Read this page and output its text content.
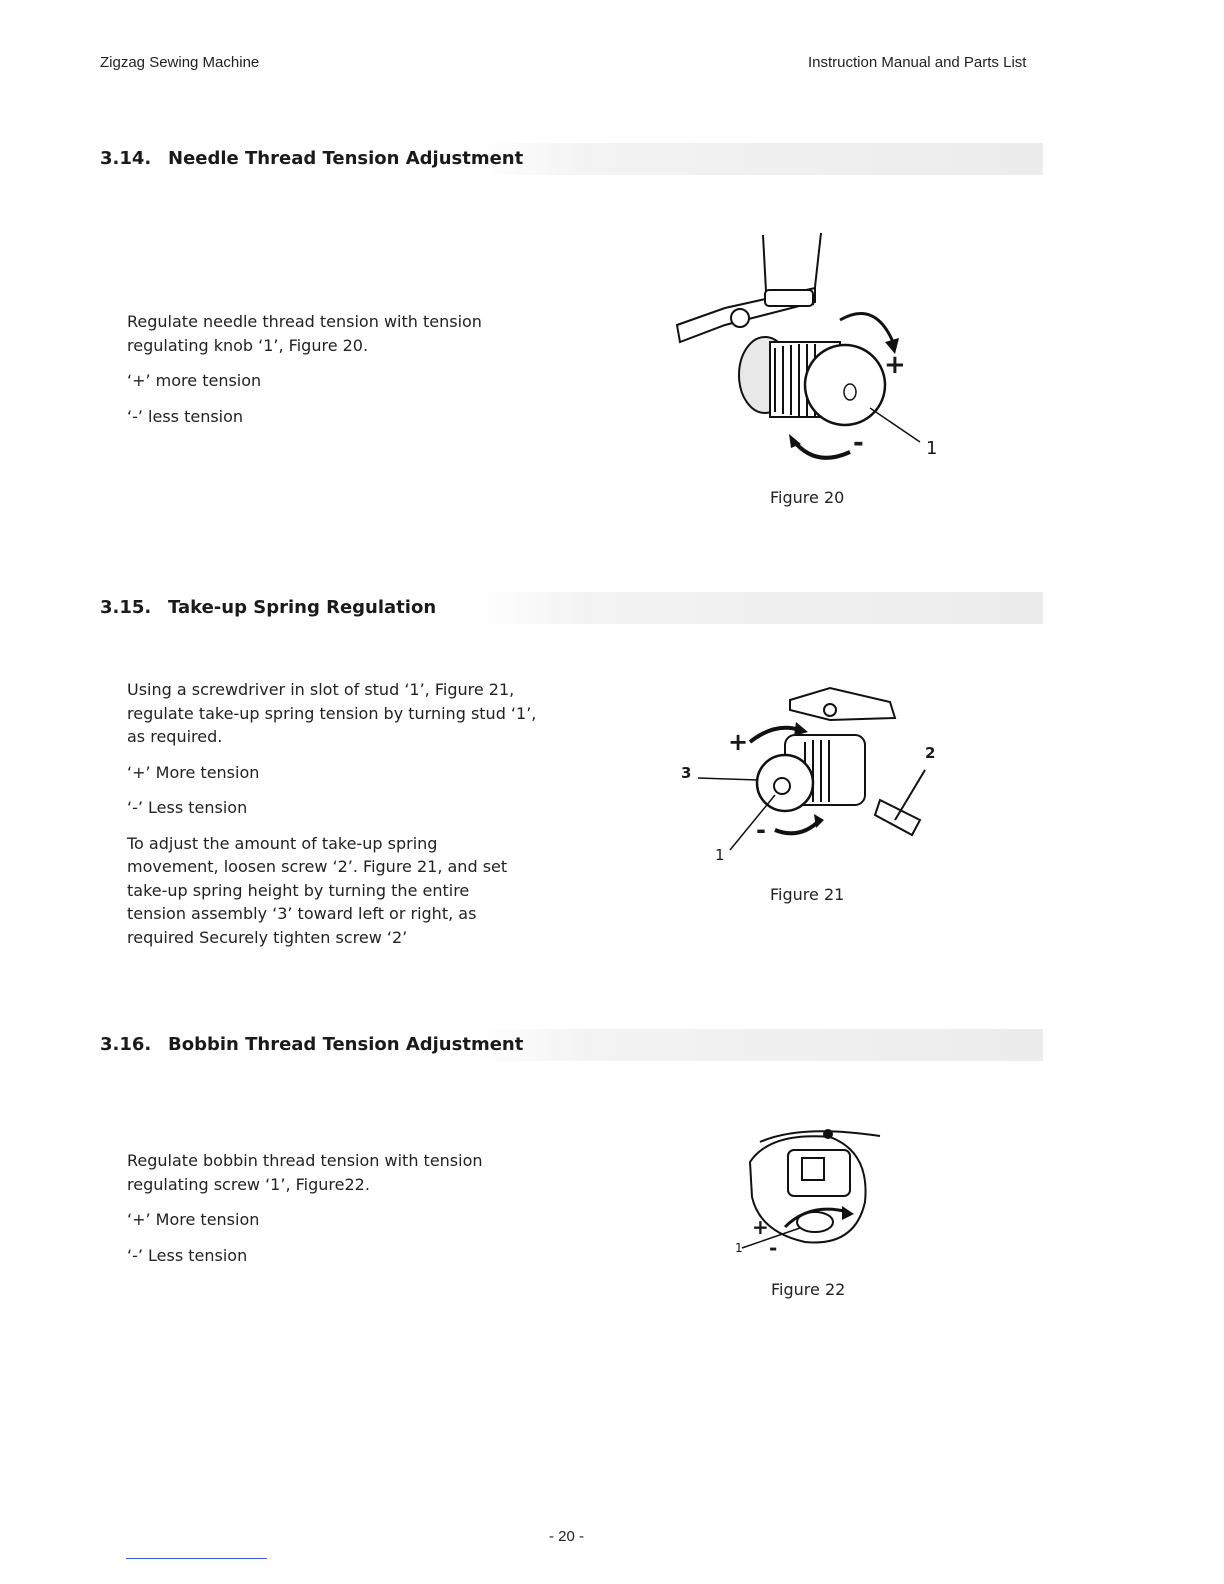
Zigzag Sewing Machine	Instruction Manual and Parts List
3.14. Needle Thread Tension Adjustment

Regulate needle thread tension with tension regulating knob ‘1’, Figure 20.

‘+’ more tension

‘-’ less tension

+
-	1
Figure 20
3.15. Take-up Spring Regulation

Using a screwdriver in slot of stud ‘1’, Figure 21, regulate take-up spring tension by turning stud ‘1’, as required.

‘+’ More tension

‘-’ Less tension

To adjust the amount of take-up spring movement, loosen screw ‘2’. Figure 21, and set take-up spring height by turning the entire tension assembly ‘3’ toward left or right, as required Securely tighten screw ‘2’

+
-
1
2
3
Figure 21
3.16. Bobbin Thread Tension Adjustment

Regulate bobbin thread tension with tension regulating screw ‘1’, Figure22.

‘+’ More tension

‘-’ Less tension

+
-
1
Figure 22
- 20 -
